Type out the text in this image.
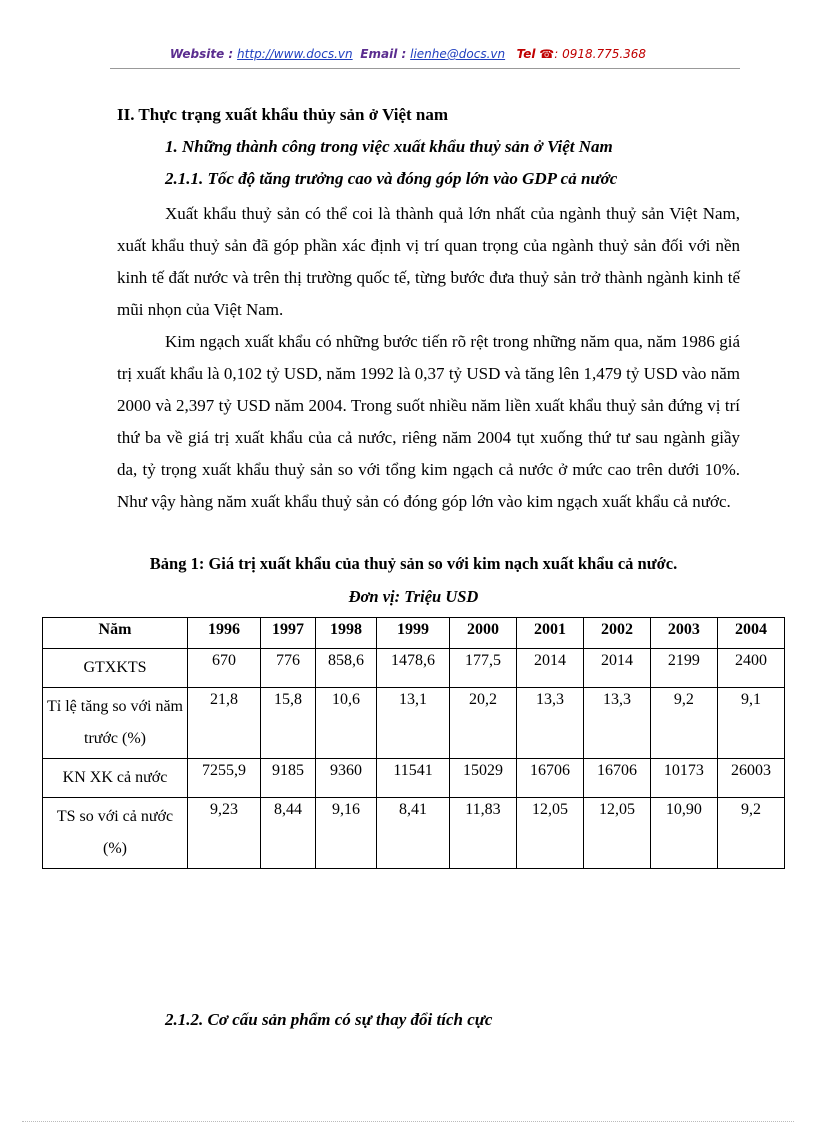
Website : http://www.docs.vn Email : lienhe@docs.vn Tel ☎: 0918.775.368
II. Thực trạng xuất khẩu thủy sản ở Việt nam
1. Những thành công trong việc xuất khẩu thuỷ sản ở Việt Nam
2.1.1. Tốc độ tăng trưởng cao và đóng góp lớn vào GDP cả nước

Xuất khẩu thuỷ sản có thể coi là thành quả lớn nhất của ngành thuỷ sản Việt Nam, xuất khẩu thuỷ sản đã góp phần xác định vị trí quan trọng của ngành thuỷ sản đối với nền kinh tế đất nước và trên thị trường quốc tế, từng bước đưa thuỷ sản trở thành ngành kinh tế mũi nhọn của Việt Nam.

Kim ngạch xuất khẩu có những bước tiến rõ rệt trong những năm qua, năm 1986 giá trị xuất khẩu là 0,102 tỷ USD, năm 1992 là 0,37 tỷ USD và tăng lên 1,479 tỷ USD vào năm 2000 và 2,397 tỷ USD năm 2004. Trong suốt nhiều năm liền xuất khẩu thuỷ sản đứng vị trí thứ ba về giá trị xuất khẩu của cả nước, riêng năm 2004 tụt xuống thứ tư sau ngành giầy da, tỷ trọng xuất khẩu thuỷ sản so với tổng kim ngạch cả nước ở mức cao trên dưới 10%. Như vậy hàng năm xuất khẩu thuỷ sản có đóng góp lớn vào kim ngạch xuất khẩu cả nước.

Bảng 1: Giá trị xuất khẩu của thuỷ sản so với kim nạch xuất khẩu cả nước.
Đơn vị: Triệu USD
Năm	1996	1997	1998	1999	2000	2001	2002	2003	2004
GTXKTS	670	776	858,6	1478,6	177,5	2014	2014	2199	2400
Tỉ lệ tăng so với năm trước (%)	21,8	15,8	10,6	13,1	20,2	13,3	13,3	9,2	9,1
KN XK cả nước	7255,9	9185	9360	11541	15029	16706	16706	10173	26003
TS so với cả nước (%)	9,23	8,44	9,16	8,41	11,83	12,05	12,05	10,90	9,2
2.1.2. Cơ cấu sản phẩm có sự thay đổi tích cực
